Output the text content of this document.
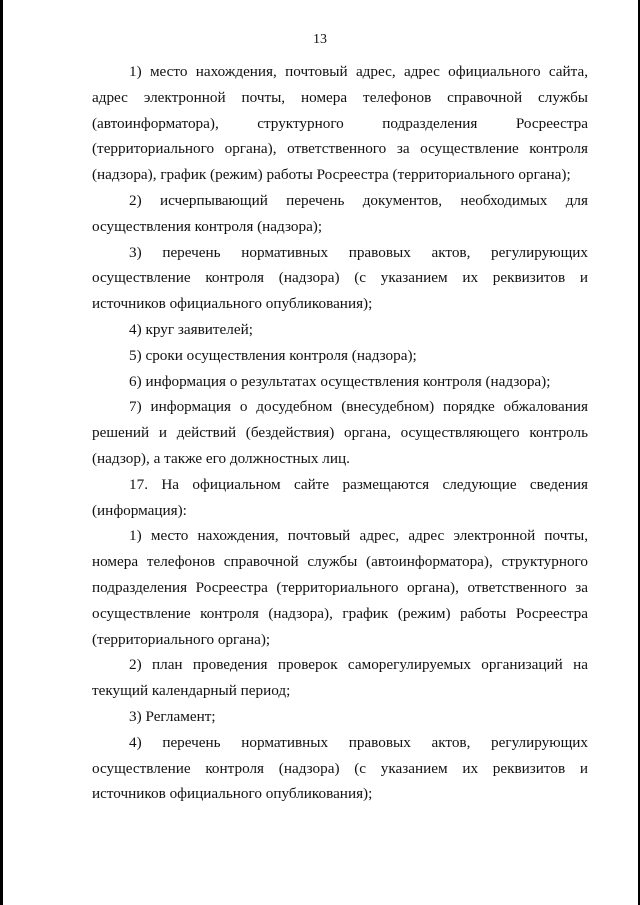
13

1) место нахождения, почтовый адрес, адрес официального сайта, адрес электронной почты, номера телефонов справочной службы (автоинформатора), структурного подразделения Росреестра (территориального органа), ответственного за осуществление контроля (надзора), график (режим) работы Росреестра (территориального органа);

2) исчерпывающий перечень документов, необходимых для осуществления контроля (надзора);

3) перечень нормативных правовых актов, регулирующих осуществление контроля (надзора) (с указанием их реквизитов и источников официального опубликования);

4) круг заявителей;

5) сроки осуществления контроля (надзора);

6) информация о результатах осуществления контроля (надзора);

7) информация о досудебном (внесудебном) порядке обжалования решений и действий (бездействия) органа, осуществляющего контроль (надзор), а также его должностных лиц.

17. На официальном сайте размещаются следующие сведения (информация):

1) место нахождения, почтовый адрес, адрес электронной почты, номера телефонов справочной службы (автоинформатора), структурного подразделения Росреестра (территориального органа), ответственного за осуществление контроля (надзора), график (режим) работы Росреестра (территориального органа);

2) план проведения проверок саморегулируемых организаций на текущий календарный период;

3) Регламент;

4) перечень нормативных правовых актов, регулирующих осуществление контроля (надзора) (с указанием их реквизитов и источников официального опубликования);
